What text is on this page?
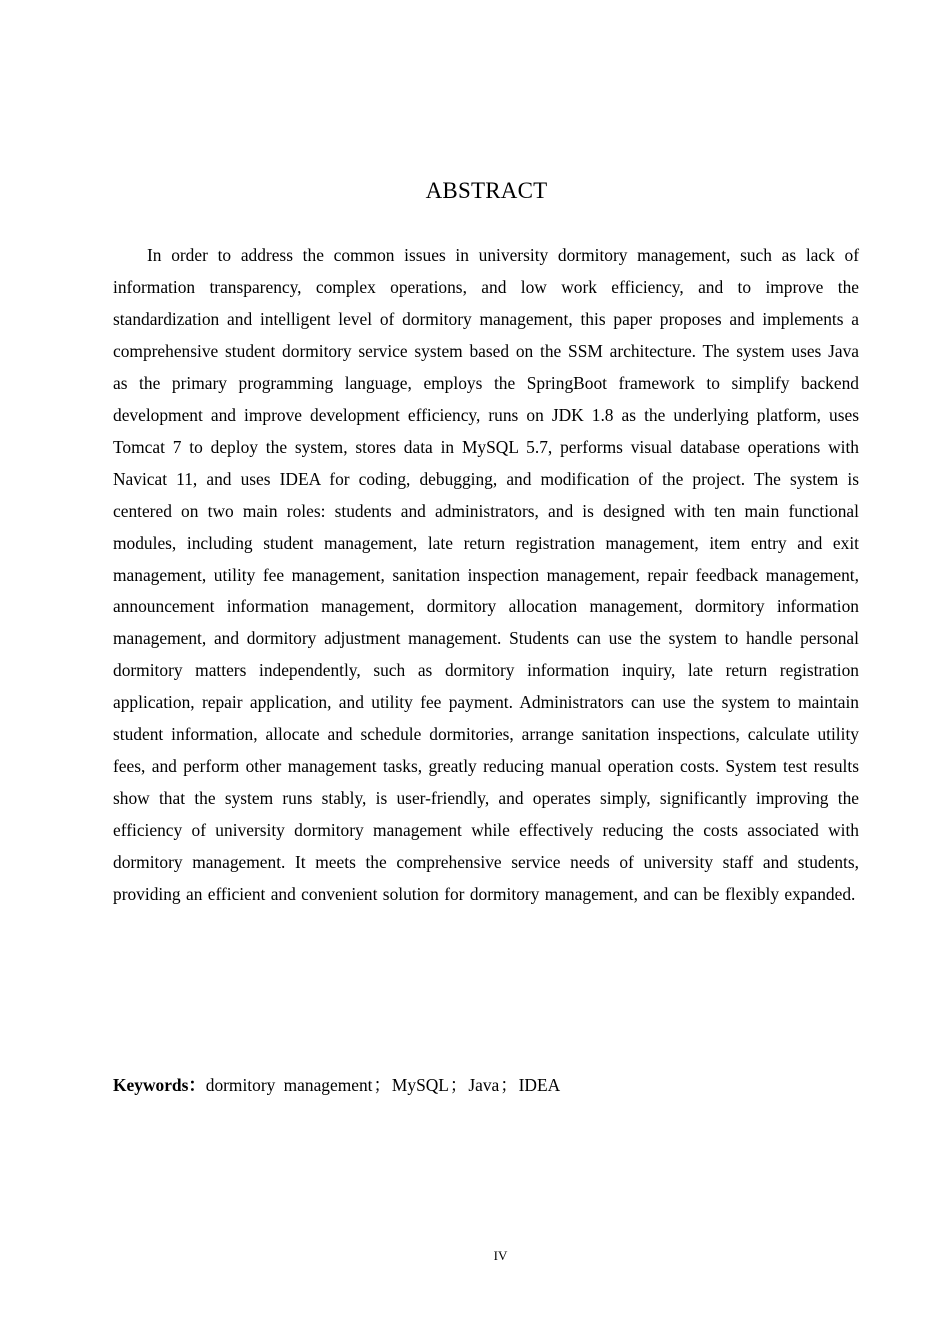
ABSTRACT

In order to address the common issues in university dormitory management, such as lack of information transparency, complex operations, and low work efficiency, and to improve the standardization and intelligent level of dormitory management, this paper proposes and implements a comprehensive student dormitory service system based on the SSM architecture. The system uses Java as the primary programming language, employs the SpringBoot framework to simplify backend development and improve development efficiency, runs on JDK 1.8 as the underlying platform, uses Tomcat 7 to deploy the system, stores data in MySQL 5.7, performs visual database operations with Navicat 11, and uses IDEA for coding, debugging, and modification of the project. The system is centered on two main roles: students and administrators, and is designed with ten main functional modules, including student management, late return registration management, item entry and exit management, utility fee management, sanitation inspection management, repair feedback management, announcement information management, dormitory allocation management, dormitory information management, and dormitory adjustment management. Students can use the system to handle personal dormitory matters independently, such as dormitory information inquiry, late return registration application, repair application, and utility fee payment. Administrators can use the system to maintain student information, allocate and schedule dormitories, arrange sanitation inspections, calculate utility fees, and perform other management tasks, greatly reducing manual operation costs. System test results show that the system runs stably, is user-friendly, and operates simply, significantly improving the efficiency of university dormitory management while effectively reducing the costs associated with dormitory management. It meets the comprehensive service needs of university staff and students, providing an efficient and convenient solution for dormitory management, and can be flexibly expanded.

Keywords：dormitory management；MySQL；Java；IDEA
IV
